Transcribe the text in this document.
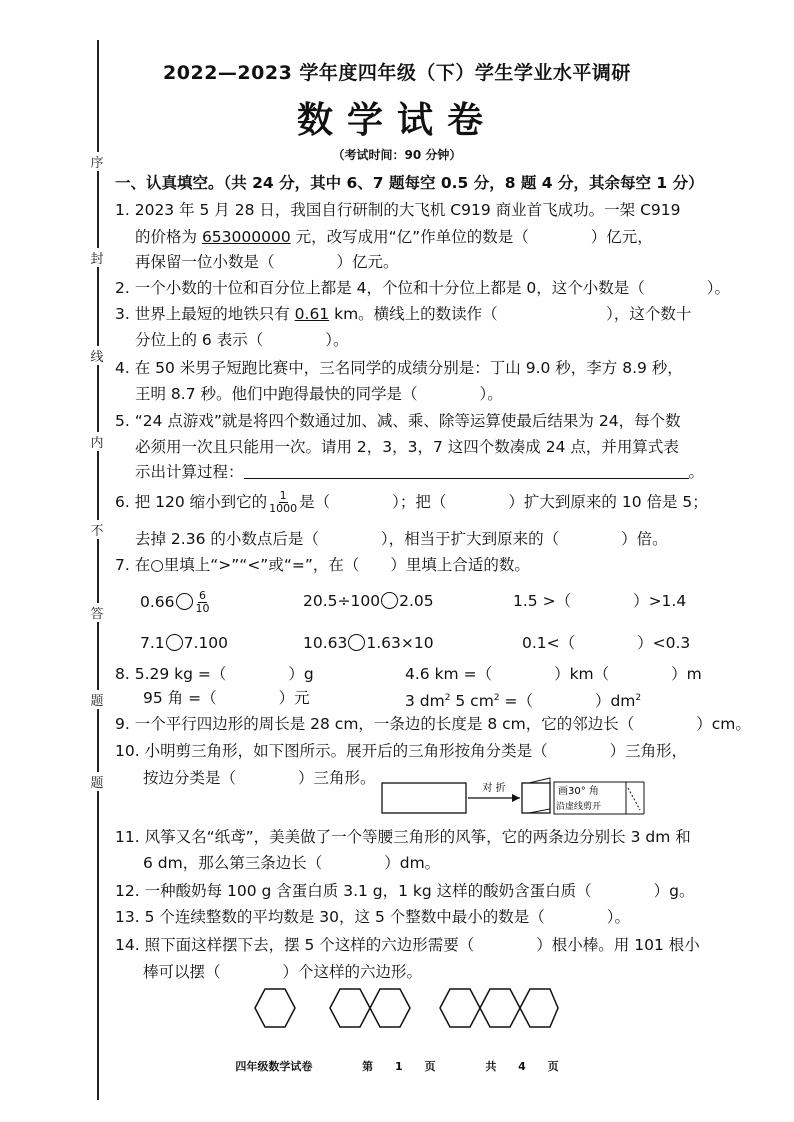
序
封
线
内
不
答
题
题
2022—2023 学年度四年级（下）学生学业水平调研
数学试卷
（考试时间：90 分钟）
一、认真填空。（共 24 分，其中 6、7 题每空 0.5 分，8 题 4 分，其余每空 1 分）
1. 2023 年 5 月 28 日，我国自行研制的大飞机 C919 商业首飞成功。一架 C919
的价格为 653000000 元，改写成用“亿”作单位的数是（　　　　）亿元，
再保留一位小数是（　　　　）亿元。
2. 一个小数的十位和百分位上都是 4，个位和十分位上都是 0，这个小数是（　　　　）。
3. 世界上最短的地铁只有 0.61 km。横线上的数读作（　　　　　　　），这个数十
分位上的 6 表示（　　　　）。
4. 在 50 米男子短跑比赛中，三名同学的成绩分别是：丁山 9.0 秒，李方 8.9 秒，
王明 8.7 秒。他们中跑得最快的同学是（　　　　）。
5. “24 点游戏”就是将四个数通过加、减、乘、除等运算使最后结果为 24，每个数
必须用一次且只能用一次。请用 2，3，3，7 这四个数凑成 24 点，并用算式表
示出计算过程：	。
6. 把 120 缩小到它的 $\frac{1}{1000}$ 是（　　　　）；把（　　　　）扩大到原来的 10 倍是 5；
去掉 2.36 的小数点后是（　　　　），相当于扩大到原来的（　　　　）倍。
7. 在○里填上“>”“<”或“=”，在（　　）里填上合适的数。
$0.66 \frac{6}{10}$	20.5÷100 2.05	1.5 >（　　　　）>1.4
7.1 7.100	10.63 1.63×10	0.1<（　　　　）<0.3
8. 5.29 kg =（　　　　）g	4.6 km =（　　　　）km（　　　　）m
95 角 =（　　　　）元	3 $dm^2$ 5 $cm^2$ =（　　　　）$dm^2$
9. 一个平行四边形的周长是 28 cm，一条边的长度是 8 cm，它的邻边长（　　　　）cm。
10. 小明剪三角形，如下图所示。展开后的三角形按角分类是（　　　　）三角形，
按边分类是（　　　　）三角形。
对 折	画30° 角
沿虚线剪开
11. 风筝又名“纸鸢”，美美做了一个等腰三角形的风筝，它的两条边分别长 3 dm 和
6 dm，那么第三条边长（　　　　）dm。
12. 一种酸奶每 100 g 含蛋白质 3.1 g，1 kg 这样的酸奶含蛋白质（　　　　）g。
13. 5 个连续整数的平均数是 30，这 5 个整数中最小的数是（　　　　）。
14. 照下面这样摆下去，摆 5 个这样的六边形需要（　　　　）根小棒。用 101 根小
棒可以摆（　　　　）个这样的六边形。
四年级数学试卷	第 1 页	共 4 页
